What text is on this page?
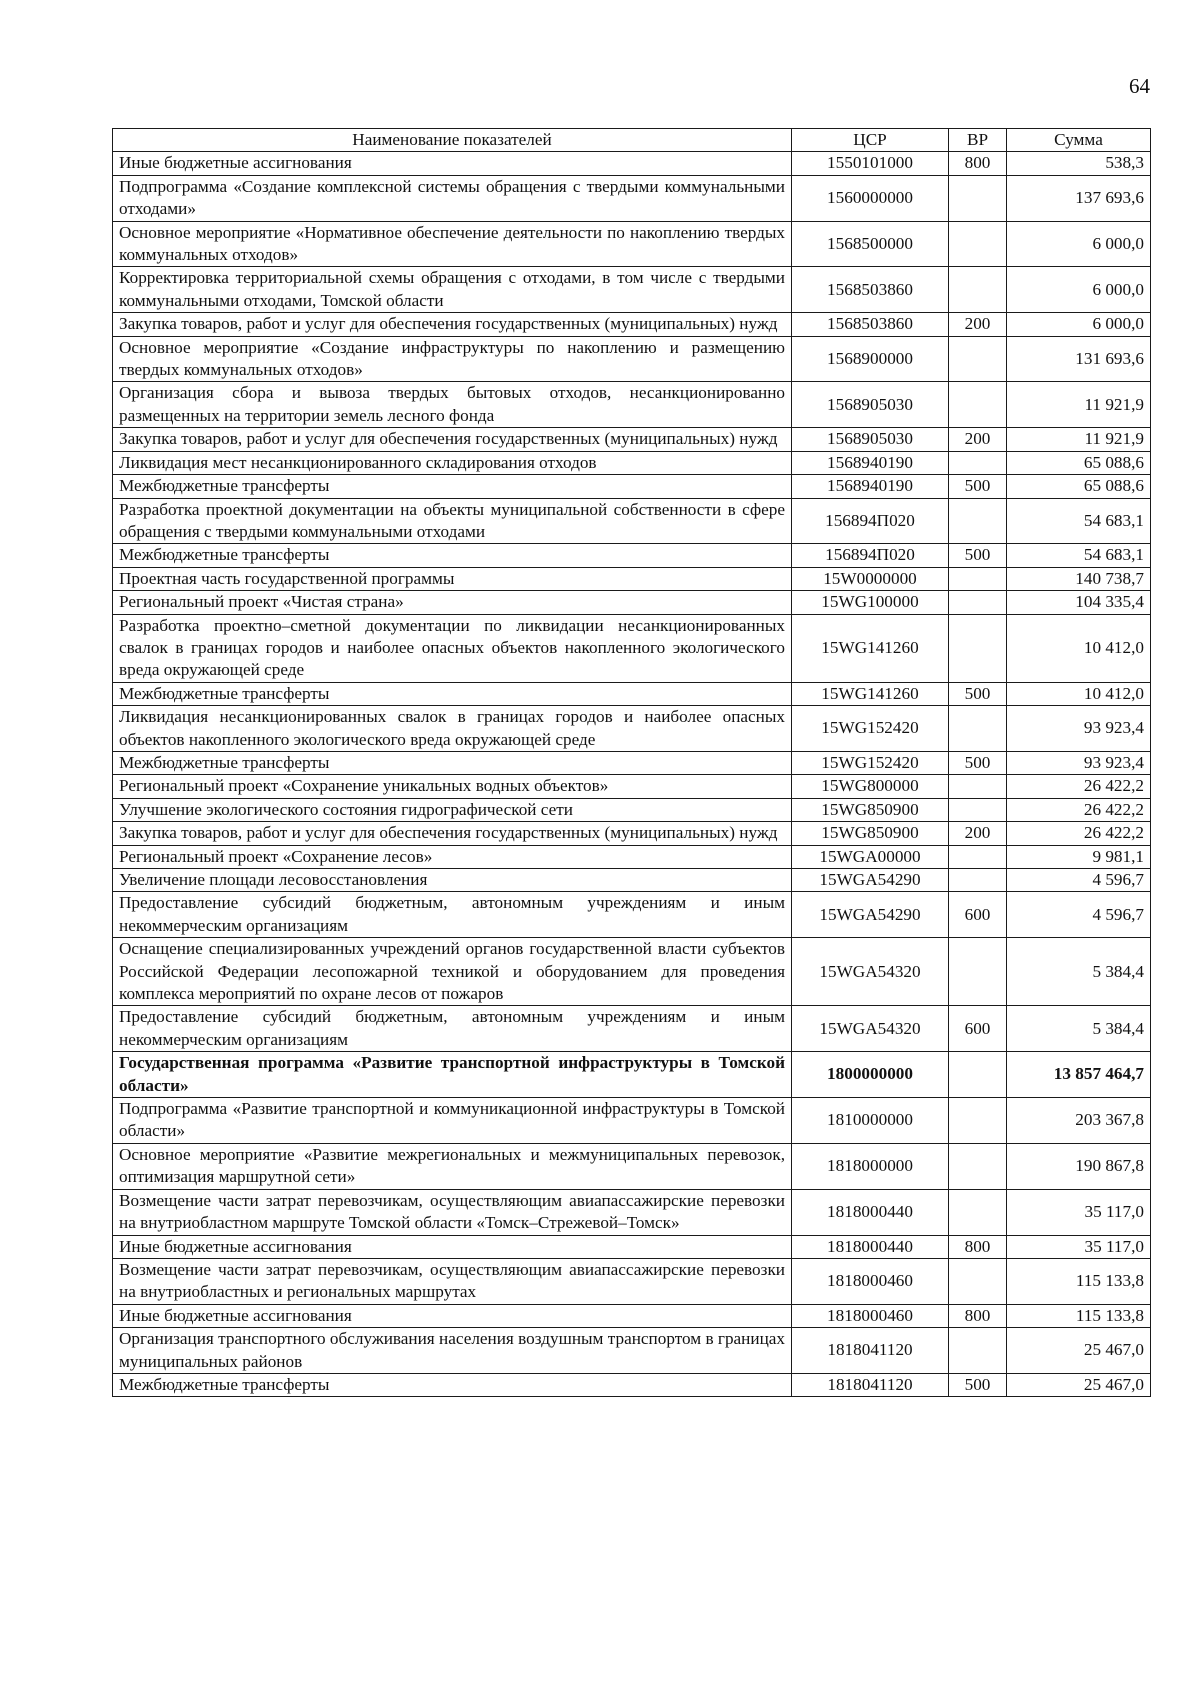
64
Наименование показателей	ЦСР	ВР	Сумма
Иные бюджетные ассигнования	1550101000	800	538,3
Подпрограмма «Создание комплексной системы обращения с твердыми коммунальными отходами»	1560000000		137 693,6
Основное мероприятие «Нормативное обеспечение деятельности по накоплению твердых коммунальных отходов»	1568500000		6 000,0
Корректировка территориальной схемы обращения с отходами, в том числе с твердыми коммунальными отходами, Томской области	1568503860		6 000,0
Закупка товаров, работ и услуг для обеспечения государственных (муниципальных) нужд	1568503860	200	6 000,0
Основное мероприятие «Создание инфраструктуры по накоплению и размещению твердых коммунальных отходов»	1568900000		131 693,6
Организация сбора и вывоза твердых бытовых отходов, несанкционированно размещенных на территории земель лесного фонда	1568905030		11 921,9
Закупка товаров, работ и услуг для обеспечения государственных (муниципальных) нужд	1568905030	200	11 921,9
Ликвидация мест несанкционированного складирования отходов	1568940190		65 088,6
Межбюджетные трансферты	1568940190	500	65 088,6
Разработка проектной документации на объекты муниципальной собственности в сфере обращения с твердыми коммунальными отходами	156894П020		54 683,1
Межбюджетные трансферты	156894П020	500	54 683,1
Проектная часть государственной программы	15W0000000		140 738,7
Региональный проект «Чистая страна»	15WG100000		104 335,4
Разработка проектно–сметной документации по ликвидации несанкционированных свалок в границах городов и наиболее опасных объектов накопленного экологического вреда окружающей среде	15WG141260		10 412,0
Межбюджетные трансферты	15WG141260	500	10 412,0
Ликвидация несанкционированных свалок в границах городов и наиболее опасных объектов накопленного экологического вреда окружающей среде	15WG152420		93 923,4
Межбюджетные трансферты	15WG152420	500	93 923,4
Региональный проект «Сохранение уникальных водных объектов»	15WG800000		26 422,2
Улучшение экологического состояния гидрографической сети	15WG850900		26 422,2
Закупка товаров, работ и услуг для обеспечения государственных (муниципальных) нужд	15WG850900	200	26 422,2
Региональный проект «Сохранение лесов»	15WGA00000		9 981,1
Увеличение площади лесовосстановления	15WGA54290		4 596,7
Предоставление субсидий бюджетным, автономным учреждениям и иным некоммерческим организациям	15WGA54290	600	4 596,7
Оснащение специализированных учреждений органов государственной власти субъектов Российской Федерации лесопожарной техникой и оборудованием для проведения комплекса мероприятий по охране лесов от пожаров	15WGA54320		5 384,4
Предоставление субсидий бюджетным, автономным учреждениям и иным некоммерческим организациям	15WGA54320	600	5 384,4
Государственная программа «Развитие транспортной инфраструктуры в Томской области»	1800000000		13 857 464,7
Подпрограмма «Развитие транспортной и коммуникационной инфраструктуры в Томской области»	1810000000		203 367,8
Основное мероприятие «Развитие межрегиональных и межмуниципальных перевозок, оптимизация маршрутной сети»	1818000000		190 867,8
Возмещение части затрат перевозчикам, осуществляющим авиапассажирские перевозки на внутриобластном маршруте Томской области «Томск–Стрежевой–Томск»	1818000440		35 117,0
Иные бюджетные ассигнования	1818000440	800	35 117,0
Возмещение части затрат перевозчикам, осуществляющим авиапассажирские перевозки на внутриобластных и региональных маршрутах	1818000460		115 133,8
Иные бюджетные ассигнования	1818000460	800	115 133,8
Организация транспортного обслуживания населения воздушным транспортом в границах муниципальных районов	1818041120		25 467,0
Межбюджетные трансферты	1818041120	500	25 467,0
